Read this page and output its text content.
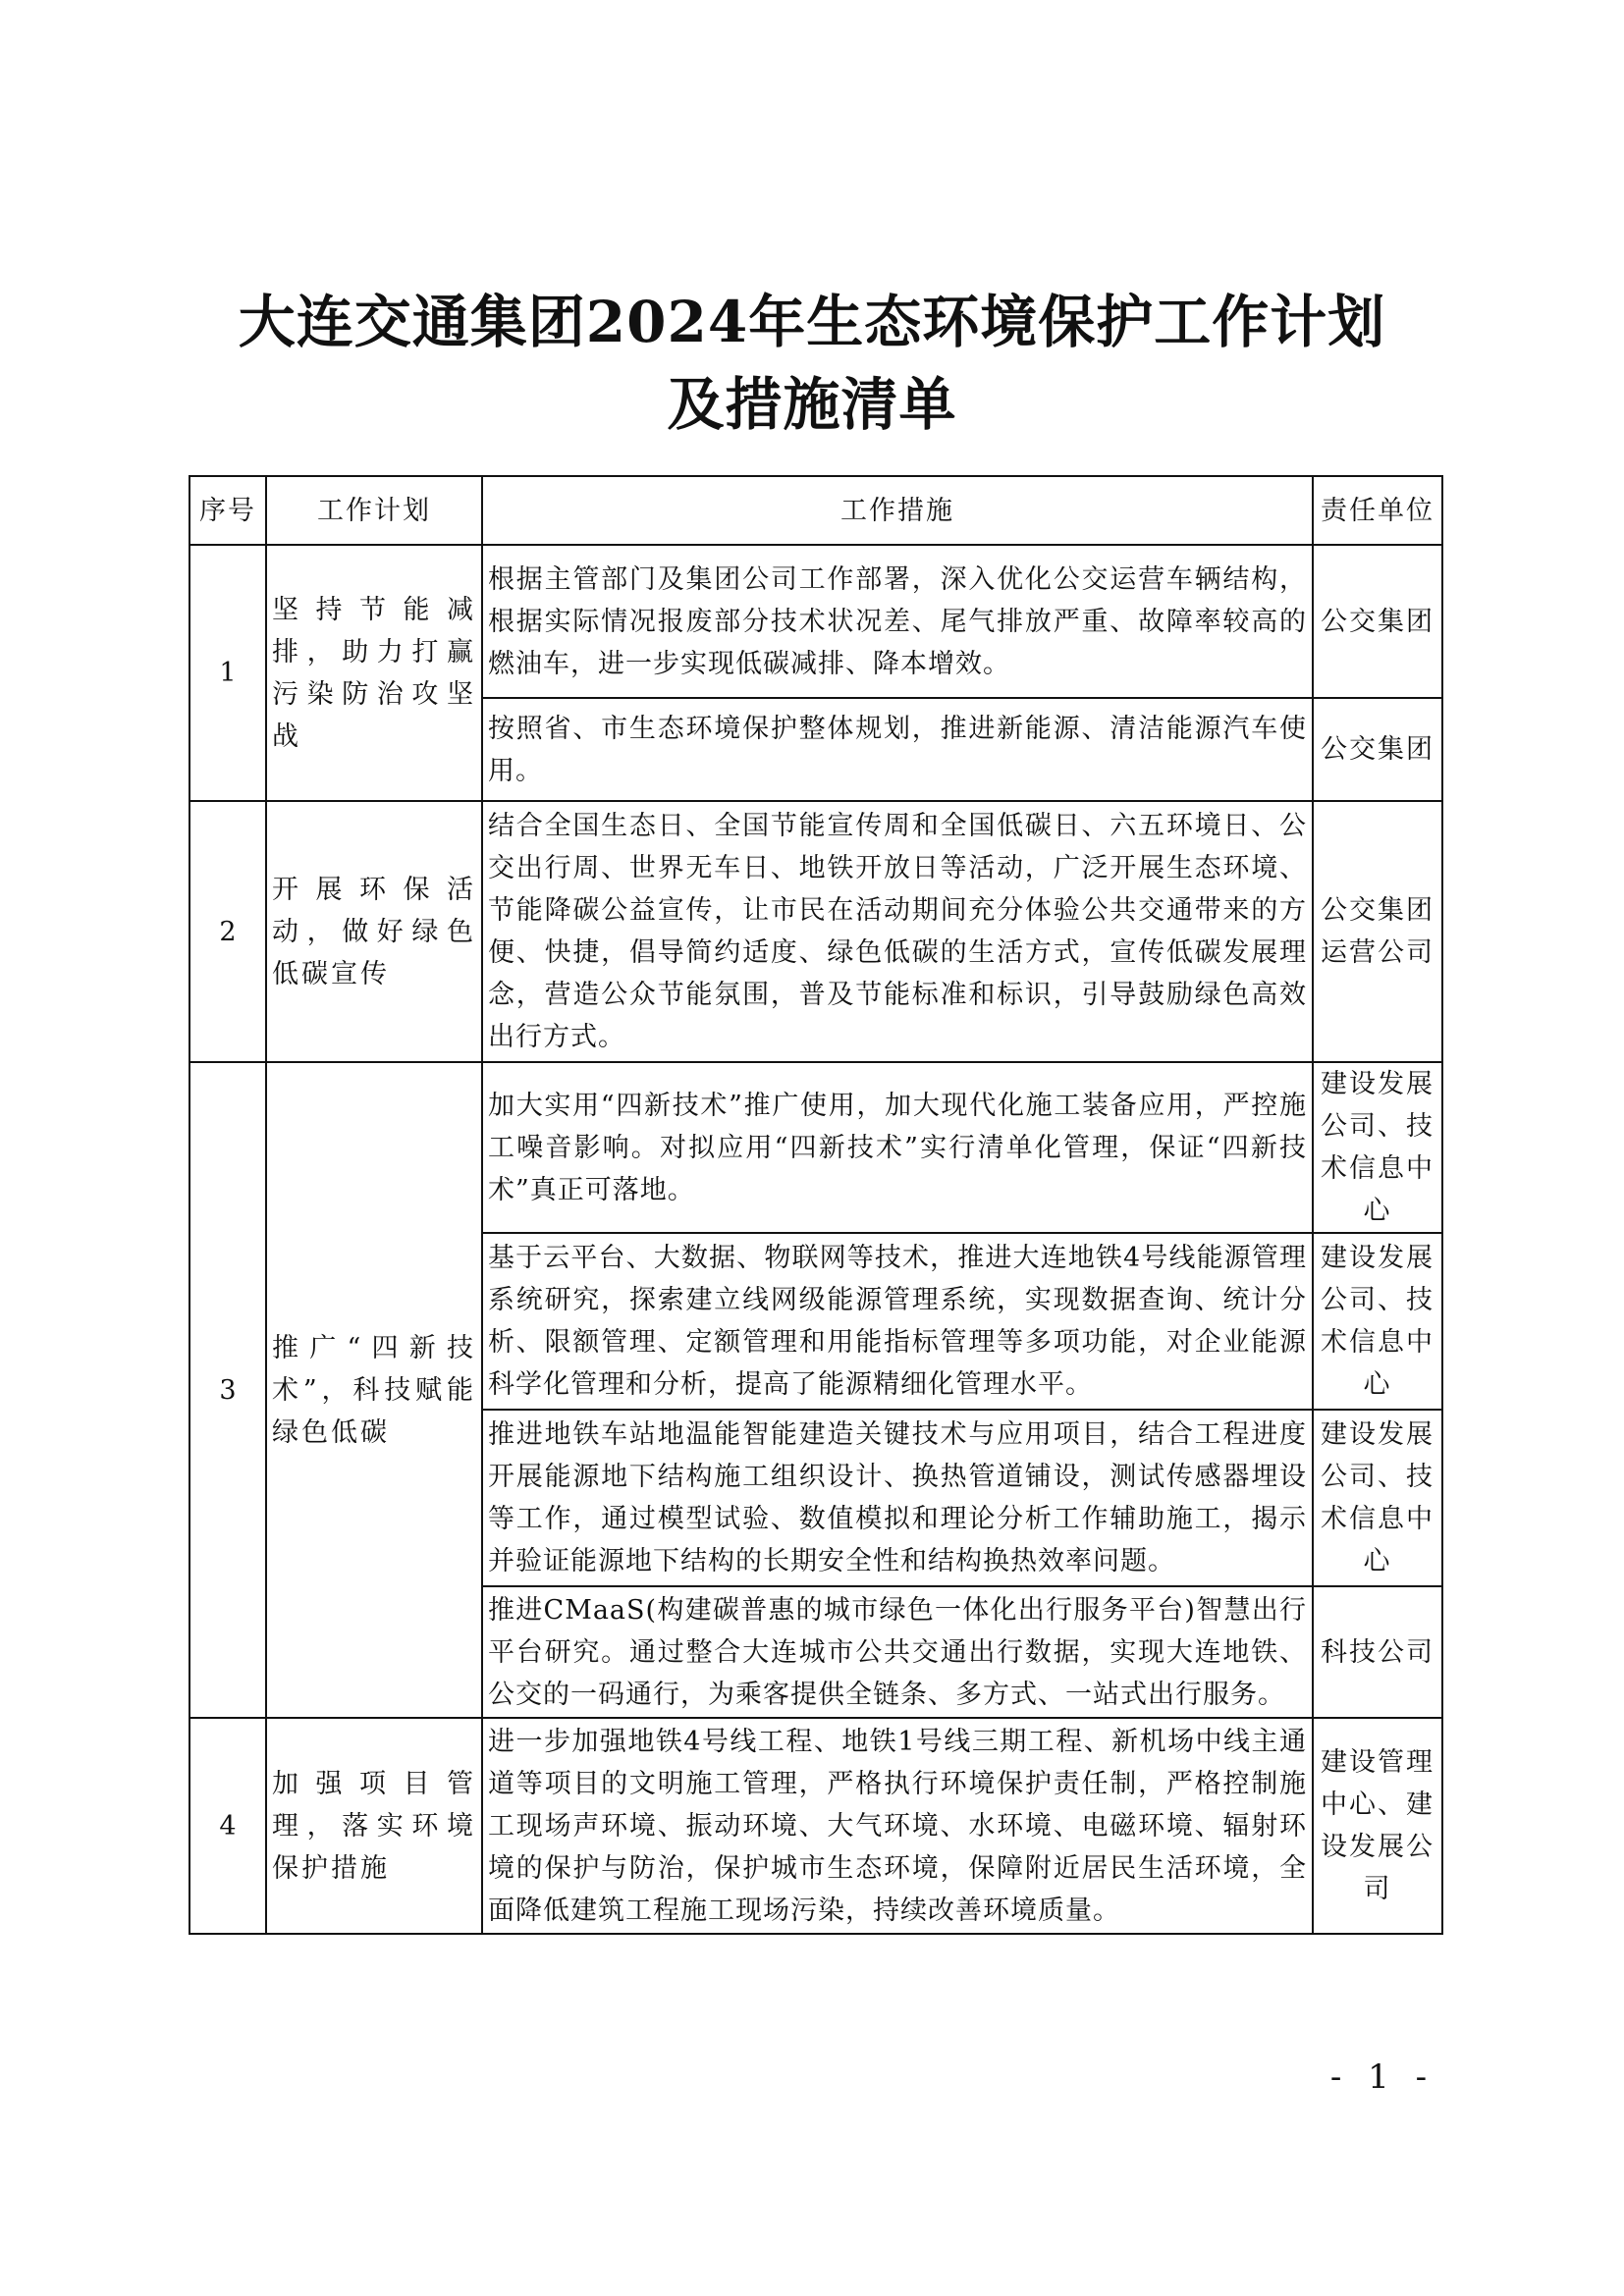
大连交通集团2024年生态环境保护工作计划
及措施清单
序号	工作计划	工作措施	责任单位
1	坚持节能减排，助力打赢污染防治攻坚战	根据主管部门及集团公司工作部署，深入优化公交运营车辆结构，根据实际情况报废部分技术状况差、尾气排放严重、故障率较高的燃油车，进一步实现低碳减排、降本增效。	公交集团
		按照省、市生态环境保护整体规划，推进新能源、清洁能源汽车使用。	公交集团
2	开展环保活动，做好绿色低碳宣传	结合全国生态日、全国节能宣传周和全国低碳日、六五环境日、公交出行周、世界无车日、地铁开放日等活动，广泛开展生态环境、节能降碳公益宣传，让市民在活动期间充分体验公共交通带来的方便、快捷，倡导简约适度、绿色低碳的生活方式，宣传低碳发展理念，营造公众节能氛围，普及节能标准和标识，引导鼓励绿色高效出行方式。	公交集团运营公司
3	推广“四新技术”，科技赋能绿色低碳	加大实用“四新技术”推广使用，加大现代化施工装备应用，严控施工噪音影响。对拟应用“四新技术”实行清单化管理，保证“四新技术”真正可落地。	建设发展公司、技术信息中心
		基于云平台、大数据、物联网等技术，推进大连地铁4号线能源管理系统研究，探索建立线网级能源管理系统，实现数据查询、统计分析、限额管理、定额管理和用能指标管理等多项功能，对企业能源科学化管理和分析，提高了能源精细化管理水平。	建设发展公司、技术信息中心
		推进地铁车站地温能智能建造关键技术与应用项目，结合工程进度开展能源地下结构施工组织设计、换热管道铺设，测试传感器埋设等工作，通过模型试验、数值模拟和理论分析工作辅助施工，揭示并验证能源地下结构的长期安全性和结构换热效率问题。	建设发展公司、技术信息中心
		推进CMaaS(构建碳普惠的城市绿色一体化出行服务平台)智慧出行平台研究。通过整合大连城市公共交通出行数据，实现大连地铁、公交的一码通行，为乘客提供全链条、多方式、一站式出行服务。	科技公司
4	加强项目管理，落实环境保护措施	进一步加强地铁4号线工程、地铁1号线三期工程、新机场中线主通道等项目的文明施工管理，严格执行环境保护责任制，严格控制施工现场声环境、振动环境、大气环境、水环境、电磁环境、辐射环境的保护与防治，保护城市生态环境，保障附近居民生活环境，全面降低建筑工程施工现场污染，持续改善环境质量。	建设管理中心、建设发展公司
- 1 -
